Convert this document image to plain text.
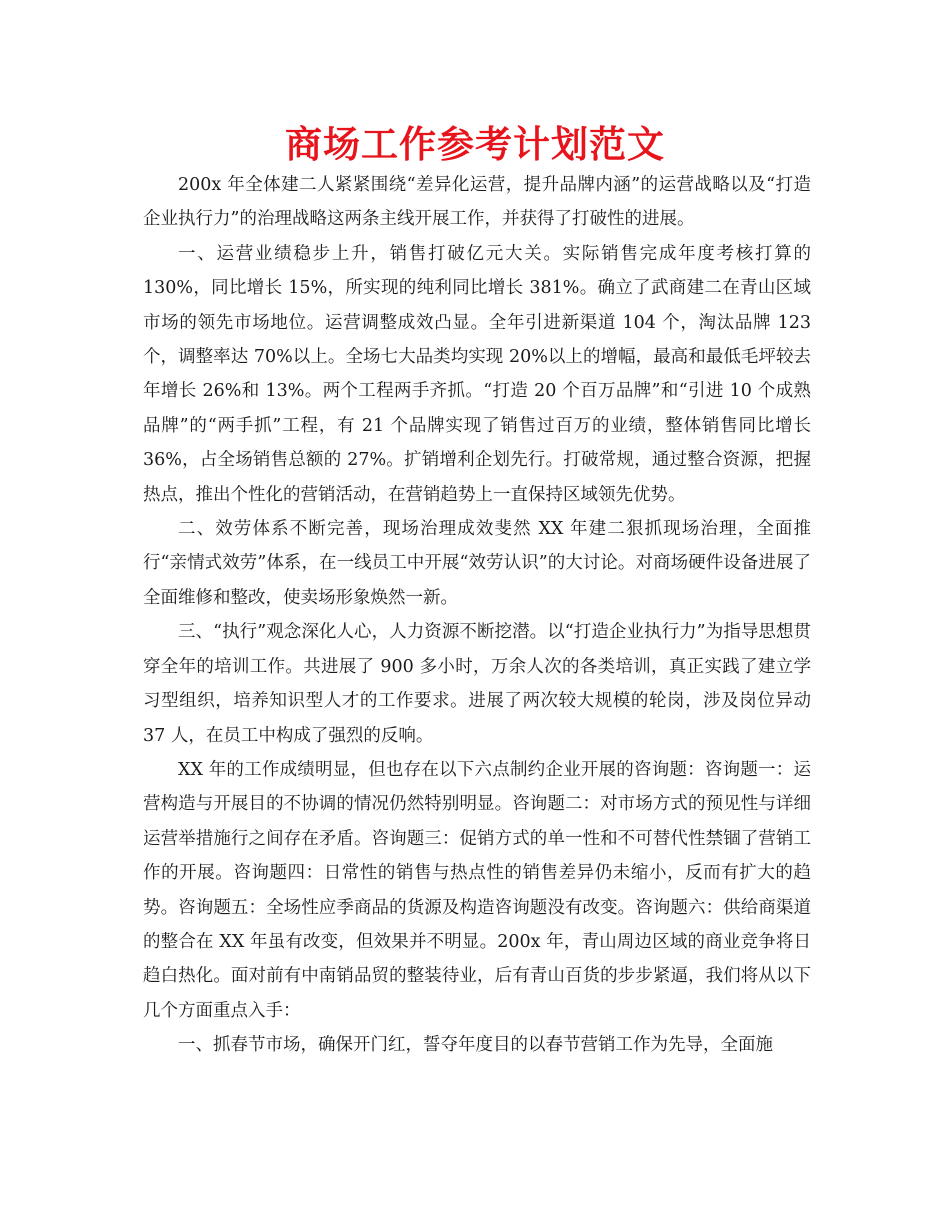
商场工作参考计划范文

200x 年全体建二人紧紧围绕“差异化运营，提升品牌内涵”的运营战略以及“打造企业执行力”的治理战略这两条主线开展工作，并获得了打破性的进展。

一、运营业绩稳步上升，销售打破亿元大关。实际销售完成年度考核打算的 130%，同比增长 15%，所实现的纯利同比增长 381%。确立了武商建二在青山区域市场的领先市场地位。运营调整成效凸显。全年引进新渠道 104 个，淘汰品牌 123 个，调整率达 70%以上。全场七大品类均实现 20%以上的增幅，最高和最低毛坪较去年增长 26%和 13%。两个工程两手齐抓。“打造 20 个百万品牌”和“引进 10 个成熟品牌”的“两手抓”工程，有 21 个品牌实现了销售过百万的业绩，整体销售同比增长 36%，占全场销售总额的 27%。扩销增利企划先行。打破常规，通过整合资源，把握热点，推出个性化的营销活动，在营销趋势上一直保持区域领先优势。

二、效劳体系不断完善，现场治理成效斐然 XX 年建二狠抓现场治理，全面推行“亲情式效劳”体系，在一线员工中开展“效劳认识”的大讨论。对商场硬件设备进展了全面维修和整改，使卖场形象焕然一新。

三、“执行”观念深化人心，人力资源不断挖潜。以“打造企业执行力”为指导思想贯穿全年的培训工作。共进展了 900 多小时，万余人次的各类培训，真正实践了建立学习型组织，培养知识型人才的工作要求。进展了两次较大规模的轮岗，涉及岗位异动 37 人，在员工中构成了强烈的反响。

XX 年的工作成绩明显，但也存在以下六点制约企业开展的咨询题：咨询题一：运营构造与开展目的不协调的情况仍然特别明显。咨询题二：对市场方式的预见性与详细运营举措施行之间存在矛盾。咨询题三：促销方式的单一性和不可替代性禁锢了营销工作的开展。咨询题四：日常性的销售与热点性的销售差异仍未缩小，反而有扩大的趋势。咨询题五：全场性应季商品的货源及构造咨询题没有改变。咨询题六：供给商渠道的整合在 XX 年虽有改变，但效果并不明显。200x 年，青山周边区域的商业竞争将日趋白热化。面对前有中南销品贸的整装待业，后有青山百货的步步紧逼，我们将从以下几个方面重点入手：

一、抓春节市场，确保开门红，誓夺年度目的以春节营销工作为先导，全面施
